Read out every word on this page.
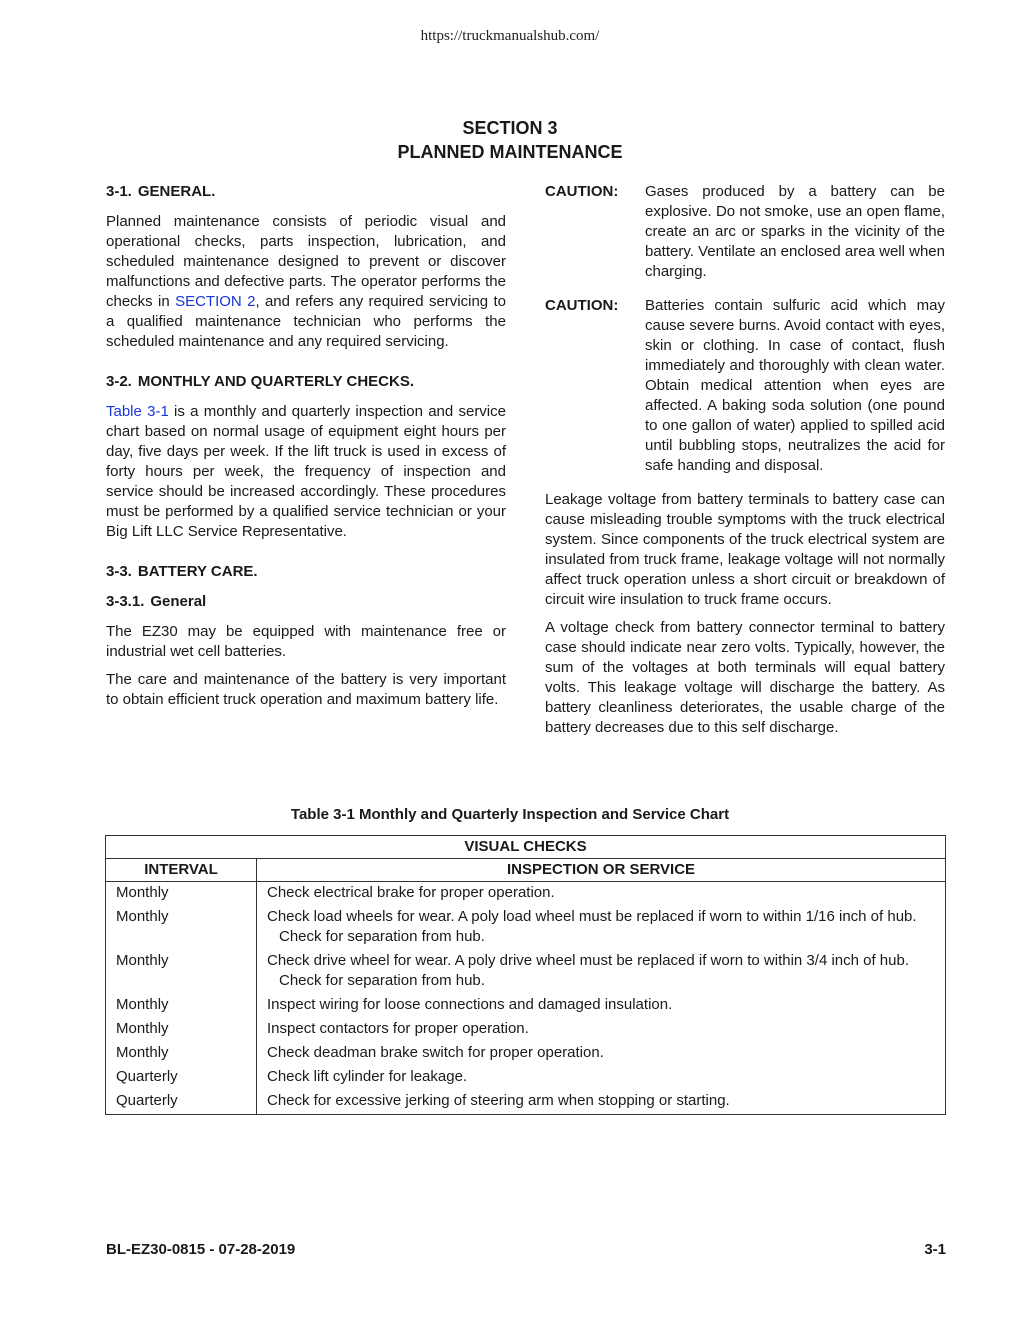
https://truckmanualshub.com/
SECTION 3
PLANNED MAINTENANCE
3-1. GENERAL.

Planned maintenance consists of periodic visual and operational checks, parts inspection, lubrication, and scheduled maintenance designed to prevent or discover malfunctions and defective parts. The operator performs the checks in SECTION 2, and refers any required servicing to a qualified maintenance technician who performs the scheduled maintenance and any required servicing.

3-2. MONTHLY AND QUARTERLY CHECKS.

Table 3-1 is a monthly and quarterly inspection and service chart based on normal usage of equipment eight hours per day, five days per week. If the lift truck is used in excess of forty hours per week, the frequency of inspection and service should be increased accordingly. These procedures must be performed by a qualified service technician or your Big Lift LLC Service Representative.

3-3. BATTERY CARE.
3-3.1. General

The EZ30 may be equipped with maintenance free or industrial wet cell batteries.

The care and maintenance of the battery is very important to obtain efficient truck operation and maximum battery life.

CAUTION:	Gases produced by a battery can be explosive. Do not smoke, use an open flame, create an arc or sparks in the vicinity of the battery. Ventilate an enclosed area well when charging.
CAUTION:	Batteries contain sulfuric acid which may cause severe burns. Avoid contact with eyes, skin or clothing. In case of contact, flush immediately and thoroughly with clean water. Obtain medical attention when eyes are affected. A baking soda solution (one pound to one gallon of water) applied to spilled acid until bubbling stops, neutralizes the acid for safe handing and disposal.

Leakage voltage from battery terminals to battery case can cause misleading trouble symptoms with the truck electrical system. Since components of the truck electrical system are insulated from truck frame, leakage voltage will not normally affect truck operation unless a short circuit or breakdown of circuit wire insulation to truck frame occurs.

A voltage check from battery connector terminal to battery case should indicate near zero volts. Typically, however, the sum of the voltages at both terminals will equal battery volts. This leakage voltage will discharge the battery. As battery cleanliness deteriorates, the usable charge of the battery decreases due to this self discharge.

Table 3-1 Monthly and Quarterly Inspection and Service Chart
VISUAL CHECKS	
INTERVAL	INSPECTION OR SERVICE
Monthly	Check electrical brake for proper operation.

Monthly	Check load wheels for wear. A poly load wheel must be replaced if worn to within 1/16 inch of hub. Check for separation from hub.

Monthly	Check drive wheel for wear. A poly drive wheel must be replaced if worn to within 3/4 inch of hub. Check for separation from hub.

Monthly	Inspect wiring for loose connections and damaged insulation.

Monthly	Inspect contactors for proper operation.

Monthly	Check deadman brake switch for proper operation.

Quarterly	Check lift cylinder for leakage.

Quarterly	Check for excessive jerking of steering arm when stopping or starting.
BL-EZ30-0815 - 07-28-2019	3-1
